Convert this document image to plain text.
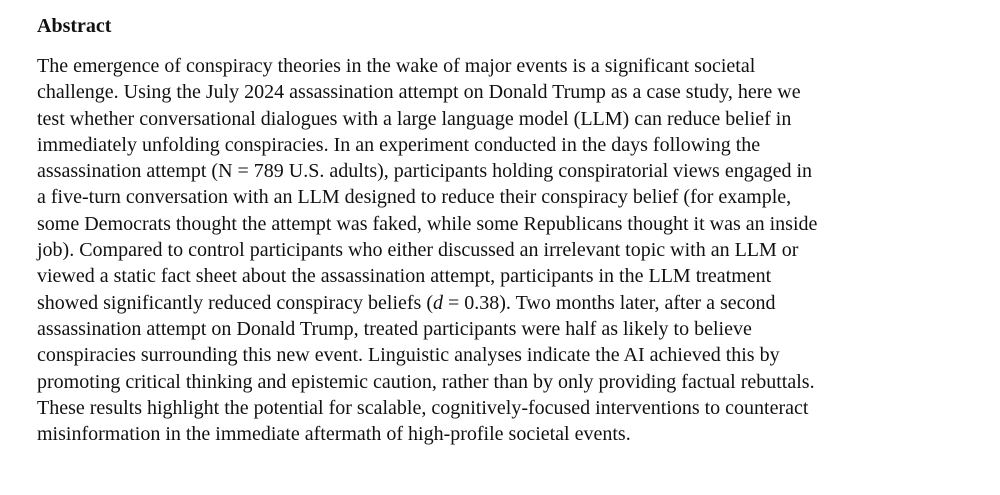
Abstract

The emergence of conspiracy theories in the wake of major events is a significant societal
challenge. Using the July 2024 assassination attempt on Donald Trump as a case study, here we
test whether conversational dialogues with a large language model (LLM) can reduce belief in
immediately unfolding conspiracies. In an experiment conducted in the days following the
assassination attempt (N = 789 U.S. adults), participants holding conspiratorial views engaged in
a five-turn conversation with an LLM designed to reduce their conspiracy belief (for example,
some Democrats thought the attempt was faked, while some Republicans thought it was an inside
job). Compared to control participants who either discussed an irrelevant topic with an LLM or
viewed a static fact sheet about the assassination attempt, participants in the LLM treatment
showed significantly reduced conspiracy beliefs (d = 0.38). Two months later, after a second
assassination attempt on Donald Trump, treated participants were half as likely to believe
conspiracies surrounding this new event. Linguistic analyses indicate the AI achieved this by
promoting critical thinking and epistemic caution, rather than by only providing factual rebuttals.
These results highlight the potential for scalable, cognitively-focused interventions to counteract
misinformation in the immediate aftermath of high-profile societal events.
